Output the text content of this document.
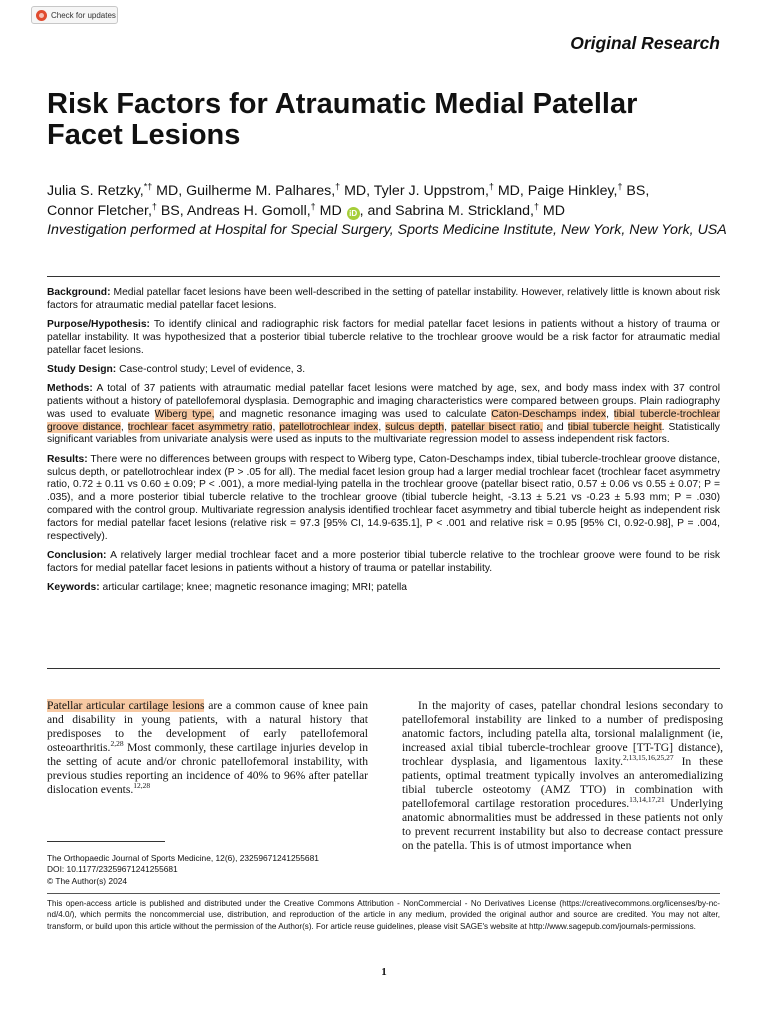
Check for updates
Original Research
Risk Factors for Atraumatic Medial Patellar Facet Lesions
Julia S. Retzky,*† MD, Guilherme M. Palhares,† MD, Tyler J. Uppstrom,† MD, Paige Hinkley,† BS,
Connor Fletcher,† BS, Andreas H. Gomoll,† MD iD , and Sabrina M. Strickland,† MD
Investigation performed at Hospital for Special Surgery, Sports Medicine Institute, New York, New York, USA

Background: Medial patellar facet lesions have been well-described in the setting of patellar instability. However, relatively little is known about risk factors for atraumatic medial patellar facet lesions.

Purpose/Hypothesis: To identify clinical and radiographic risk factors for medial patellar facet lesions in patients without a history of trauma or patellar instability. It was hypothesized that a posterior tibial tubercle relative to the trochlear groove would be a risk factor for atraumatic medial patellar facet lesions.

Study Design: Case-control study; Level of evidence, 3.

Methods: A total of 37 patients with atraumatic medial patellar facet lesions were matched by age, sex, and body mass index with 37 control patients without a history of patellofemoral dysplasia. Demographic and imaging characteristics were compared between groups. Plain radiography was used to evaluate Wiberg type, and magnetic resonance imaging was used to calculate Caton-Deschamps index, tibial tubercle-trochlear groove distance, trochlear facet asymmetry ratio, patellotrochlear index, sulcus depth, patellar bisect ratio, and tibial tubercle height. Statistically significant variables from univariate analysis were used as inputs to the multivariate regression model to assess independent risk factors.

Results: There were no differences between groups with respect to Wiberg type, Caton-Deschamps index, tibial tubercle-trochlear groove distance, sulcus depth, or patellotrochlear index (P > .05 for all). The medial facet lesion group had a larger medial trochlear facet (trochlear facet asymmetry ratio, 0.72 ± 0.11 vs 0.60 ± 0.09; P < .001), a more medial-lying patella in the trochlear groove (patellar bisect ratio, 0.57 ± 0.06 vs 0.55 ± 0.07; P = .035), and a more posterior tibial tubercle relative to the trochlear groove (tibial tubercle height, -3.13 ± 5.21 vs -0.23 ± 5.93 mm; P = .030) compared with the control group. Multivariate regression analysis identified trochlear facet asymmetry and tibial tubercle height as independent risk factors for medial patellar facet lesions (relative risk = 97.3 [95% CI, 14.9-635.1], P < .001 and relative risk = 0.95 [95% CI, 0.92-0.98], P = .004, respectively).

Conclusion: A relatively larger medial trochlear facet and a more posterior tibial tubercle relative to the trochlear groove were found to be risk factors for medial patellar facet lesions in patients without a history of trauma or patellar instability.

Keywords: articular cartilage; knee; magnetic resonance imaging; MRI; patella

Patellar articular cartilage lesions are a common cause of knee pain and disability in young patients, with a natural history that predisposes to the development of early patellofemoral osteoarthritis.$^{2,28}$ Most commonly, these cartilage injuries develop in the setting of acute and/or chronic patellofemoral instability, with previous studies reporting an incidence of 40% to 96% after patellar dislocation events.$^{12,28}$
In the majority of cases, patellar chondral lesions secondary to patellofemoral instability are linked to a number of predisposing anatomic factors, including patella alta, torsional malalignment (ie, increased axial tibial tubercle-trochlear groove [TT-TG] distance), trochlear dysplasia, and ligamentous laxity.$^{2,13,15,16,25,27}$ In these patients, optimal treatment typically involves an anteromedializing tibial tubercle osteotomy (AMZ TTO) in combination with patellofemoral cartilage restoration procedures.$^{13,14,17,21}$ Underlying anatomic abnormalities must be addressed in these patients not only to prevent recurrent instability but also to decrease contact pressure on the patella. This is of utmost importance when
The Orthopaedic Journal of Sports Medicine, 12(6), 23259671241255681
DOI: 10.1177/23259671241255681
© The Author(s) 2024
This open-access article is published and distributed under the Creative Commons Attribution - NonCommercial - No Derivatives License (https://creativecommons.org/licenses/by-nc-nd/4.0/), which permits the noncommercial use, distribution, and reproduction of the article in any medium, provided the original author and source are credited. You may not alter, transform, or build upon this article without the permission of the Author(s). For article reuse guidelines, please visit SAGE's website at http://www.sagepub.com/journals-permissions.
1
